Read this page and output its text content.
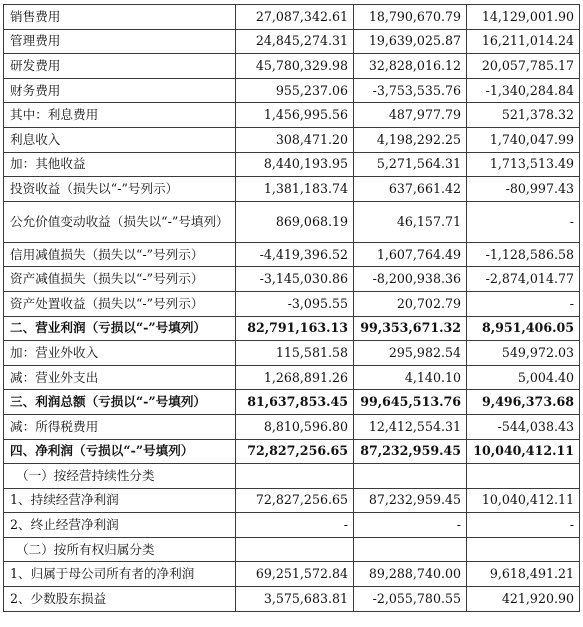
销售费用	27,087,342.61	18,790,670.79	14,129,001.90
管理费用	24,845,274.31	19,639,025.87	16,211,014.24
研发费用	45,780,329.98	32,828,016.12	20,057,785.17
财务费用	955,237.06	-3,753,535.76	-1,340,284.84
其中：利息费用	1,456,995.56	487,977.79	521,378.32
利息收入	308,471.20	4,198,292.25	1,740,047.99
加：其他收益	8,440,193.95	5,271,564.31	1,713,513.49
投资收益（损失以“-”号列示）	1,381,183.74	637,661.42	-80,997.43
公允价值变动收益（损失以“-”号填列）	869,068.19	46,157.71	-
信用减值损失（损失以“-”号列示）	-4,419,396.52	1,607,764.49	-1,128,586.58
资产减值损失（损失以“-”号列示）	-3,145,030.86	-8,200,938.36	-2,874,014.77
资产处置收益（损失以“-”号列示）	-3,095.55	20,702.79	-
二、营业利润（亏损以“-”号填列）	82,791,163.13	99,353,671.32	8,951,406.05
加：营业外收入	115,581.58	295,982.54	549,972.03
减：营业外支出	1,268,891.26	4,140.10	5,004.40
三、利润总额（亏损以“-”号填列）	81,637,853.45	99,645,513.76	9,496,373.68
减：所得税费用	8,810,596.80	12,412,554.31	-544,038.43
四、净利润（亏损以“-”号填列）	72,827,256.65	87,232,959.45	10,040,412.11
（一）按经营持续性分类			
1、持续经营净利润	72,827,256.65	87,232,959.45	10,040,412.11
2、终止经营净利润	-	-	-
（二）按所有权归属分类			
1、归属于母公司所有者的净利润	69,251,572.84	89,288,740.00	9,618,491.21
2、少数股东损益	3,575,683.81	-2,055,780.55	421,920.90
